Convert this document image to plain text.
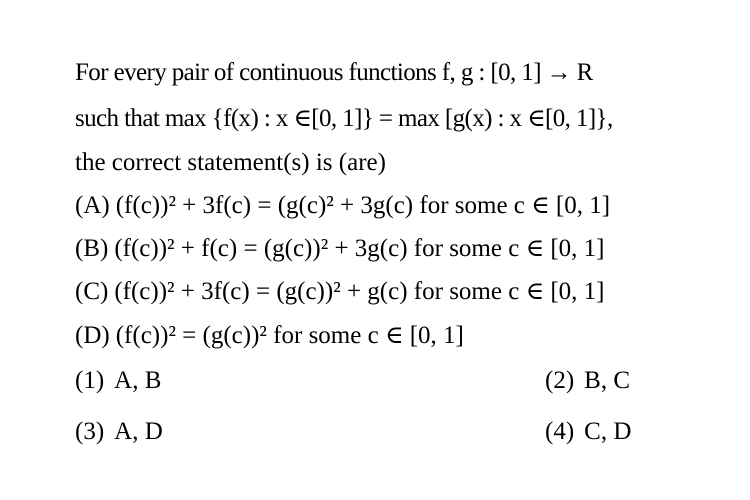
For every pair of continuous functions f, g : [0, 1] → R
such that max {f(x) : x ∈[0, 1]} = max [g(x) : x ∈[0, 1]},
the correct statement(s) is (are)
(A) (f(c))² + 3f(c) = (g(c)² + 3g(c) for some c ∈ [0, 1]
(B) (f(c))² + f(c) = (g(c))² + 3g(c) for some c ∈ [0, 1]
(C) (f(c))² + 3f(c) = (g(c))² + g(c) for some c ∈ [0, 1]
(D) (f(c))² = (g(c))² for some c ∈ [0, 1]
(1) A, B	(2) B, C
(3) A, D	(4) C, D
